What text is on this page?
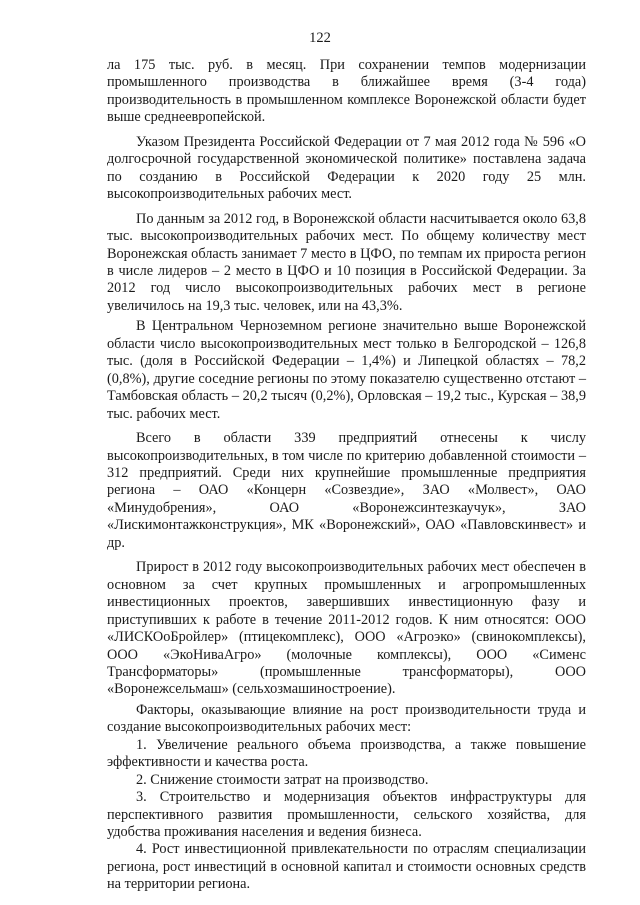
122

ла 175 тыс. руб. в месяц. При сохранении темпов модернизации промышленного производства в ближайшее время (3-4 года) производительность в промышленном комплексе Воронежской области будет выше среднеевропейской.

Указом Президента Российской Федерации от 7 мая 2012 года № 596 «О долгосрочной государственной экономической политике» поставлена задача по созданию в Российской Федерации к 2020 году 25 млн. высокопроизводительных рабочих мест.

По данным за 2012 год, в Воронежской области насчитывается около 63,8 тыс. высокопроизводительных рабочих мест. По общему количеству мест Воронежская область занимает 7 место в ЦФО, по темпам их прироста регион в числе лидеров – 2 место в ЦФО и 10 позиция в Российской Федерации. За 2012 год число высокопроизводительных рабочих мест в регионе увеличилось на 19,3 тыс. человек, или на 43,3%.

В Центральном Черноземном регионе значительно выше Воронежской области число высокопроизводительных мест только в Белгородской – 126,8 тыс. (доля в Российской Федерации – 1,4%) и Липецкой областях – 78,2 (0,8%), другие соседние регионы по этому показателю существенно отстают – Тамбовская область – 20,2 тысяч (0,2%), Орловская – 19,2 тыс., Курская – 38,9 тыс. рабочих мест.

Всего в области 339 предприятий отнесены к числу высокопроизводительных, в том числе по критерию добавленной стоимости – 312 предприятий. Среди них крупнейшие промышленные предприятия региона – ОАО «Концерн «Созвездие», ЗАО «Молвест», ОАО «Минудобрения», ОАО «Воронежсинтезкаучук», ЗАО «Лискимонтажконструкция», МК «Воронежский», ОАО «Павловскинвест» и др.

Прирост в 2012 году высокопроизводительных рабочих мест обеспечен в основном за счет крупных промышленных и агропромышленных инвестиционных проектов, завершивших инвестиционную фазу и приступивших к работе в течение 2011-2012 годов. К ним относятся: ООО «ЛИСКОоБройлер» (птицекомплекс), ООО «Агроэко» (свинокомплексы), ООО «ЭкоНиваАгро» (молочные комплексы), ООО «Сименс Трансформаторы» (промышленные трансформаторы), ООО «Воронежсельмаш» (сельхозмашиностроение).

Факторы, оказывающие влияние на рост производительности труда и создание высокопроизводительных рабочих мест:

1. Увеличение реального объема производства, а также повышение эффективности и качества роста.

2. Снижение стоимости затрат на производство.

3. Строительство и модернизация объектов инфраструктуры для перспективного развития промышленности, сельского хозяйства, для удобства проживания населения и ведения бизнеса.

4. Рост инвестиционной привлекательности по отраслям специализации региона, рост инвестиций в основной капитал и стоимости основных средств на территории региона.
